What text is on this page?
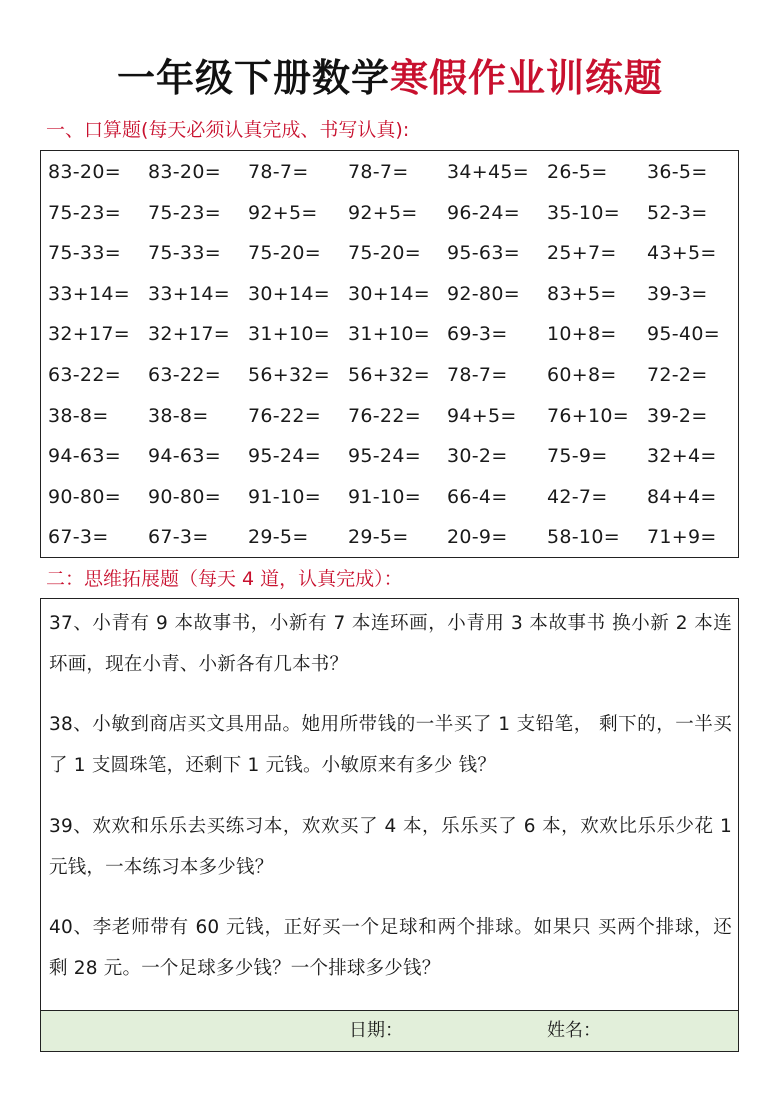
一年级下册数学寒假作业训练题
一、口算题(每天必须认真完成、书写认真):
83-20= 83-20= 78-7= 78-7= 34+45= 26-5= 36-5=
75-23= 75-23= 92+5= 92+5= 96-24= 35-10= 52-3=
75-33= 75-33= 75-20= 75-20= 95-63= 25+7= 43+5=
33+14= 33+14= 30+14= 30+14= 92-80= 83+5= 39-3=
32+17= 32+17= 31+10= 31+10= 69-3= 10+8= 95-40=
63-22= 63-22= 56+32= 56+32= 78-7= 60+8= 72-2=
38-8= 38-8= 76-22= 76-22= 94+5= 76+10= 39-2=
94-63= 94-63= 95-24= 95-24= 30-2= 75-9= 32+4=
90-80= 90-80= 91-10= 91-10= 66-4= 42-7= 84+4=
67-3= 67-3= 29-5= 29-5= 20-9= 58-10= 71+9=
二：思维拓展题（每天 4 道，认真完成）：
37、小青有 9 本故事书，小新有 7 本连环画，小青用 3 本故事书 换小新 2 本连环画，现在小青、小新各有几本书？
38、小敏到商店买文具用品。她用所带钱的一半买了 1 支铅笔， 剩下的，一半买了 1 支圆珠笔，还剩下 1 元钱。小敏原来有多少 钱？
39、欢欢和乐乐去买练习本，欢欢买了 4 本，乐乐买了 6 本，欢欢比乐乐少花 1 元钱，一本练习本多少钱？
40、李老师带有 60 元钱，正好买一个足球和两个排球。如果只 买两个排球，还剩 28 元。一个足球多少钱？一个排球多少钱？
日期：	姓名：
